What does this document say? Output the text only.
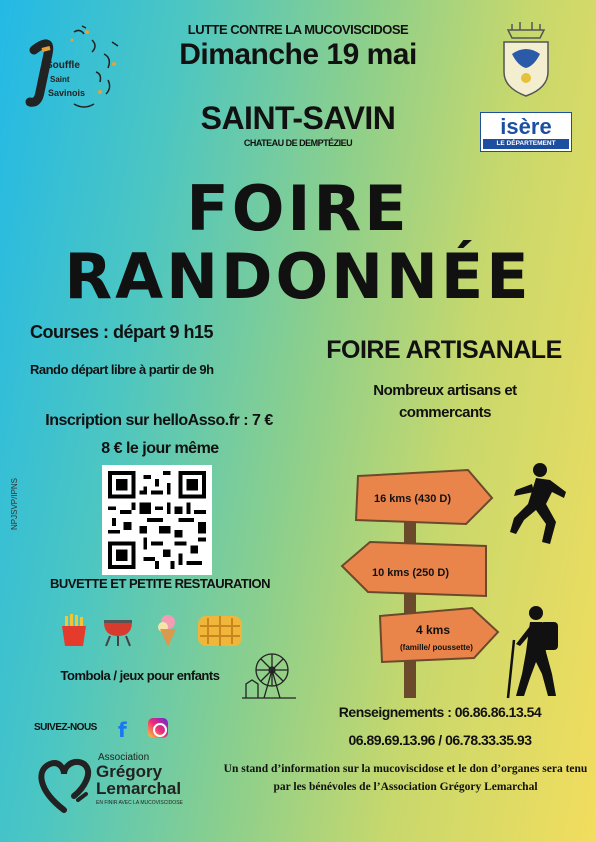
Souffle
Saint
Savinois
isère
LE DÉPARTEMENT
LUTTE CONTRE LA MUCOVISCIDOSE
Dimanche 19 mai
SAINT-SAVIN
CHATEAU DE DEMPTÉZIEU
FOIRE
RANDONNÉE
Courses : départ 9 h15
Rando départ libre à partir de 9h
Inscription sur helloAsso.fr : 7 €
8 € le jour même
NPJSVP/IPNS
BUVETTE ET PETITE RESTAURATION
Tombola / jeux pour enfants
SUIVEZ-NOUS f
Association
Grégory
Lemarchal
EN FINIR AVEC LA MUCOVISCIDOSE
FOIRE ARTISANALE
Nombreux artisans et commercants
16 kms (430 D)
10 kms (250 D)
4 kms
(famille/ poussette)
Renseignements : 06.86.86.13.54
06.89.69.13.96 / 06.78.33.35.93
Un stand d’information sur la mucoviscidose et le don d’organes sera tenu par les bénévoles de l’Association Grégory Lemarchal
